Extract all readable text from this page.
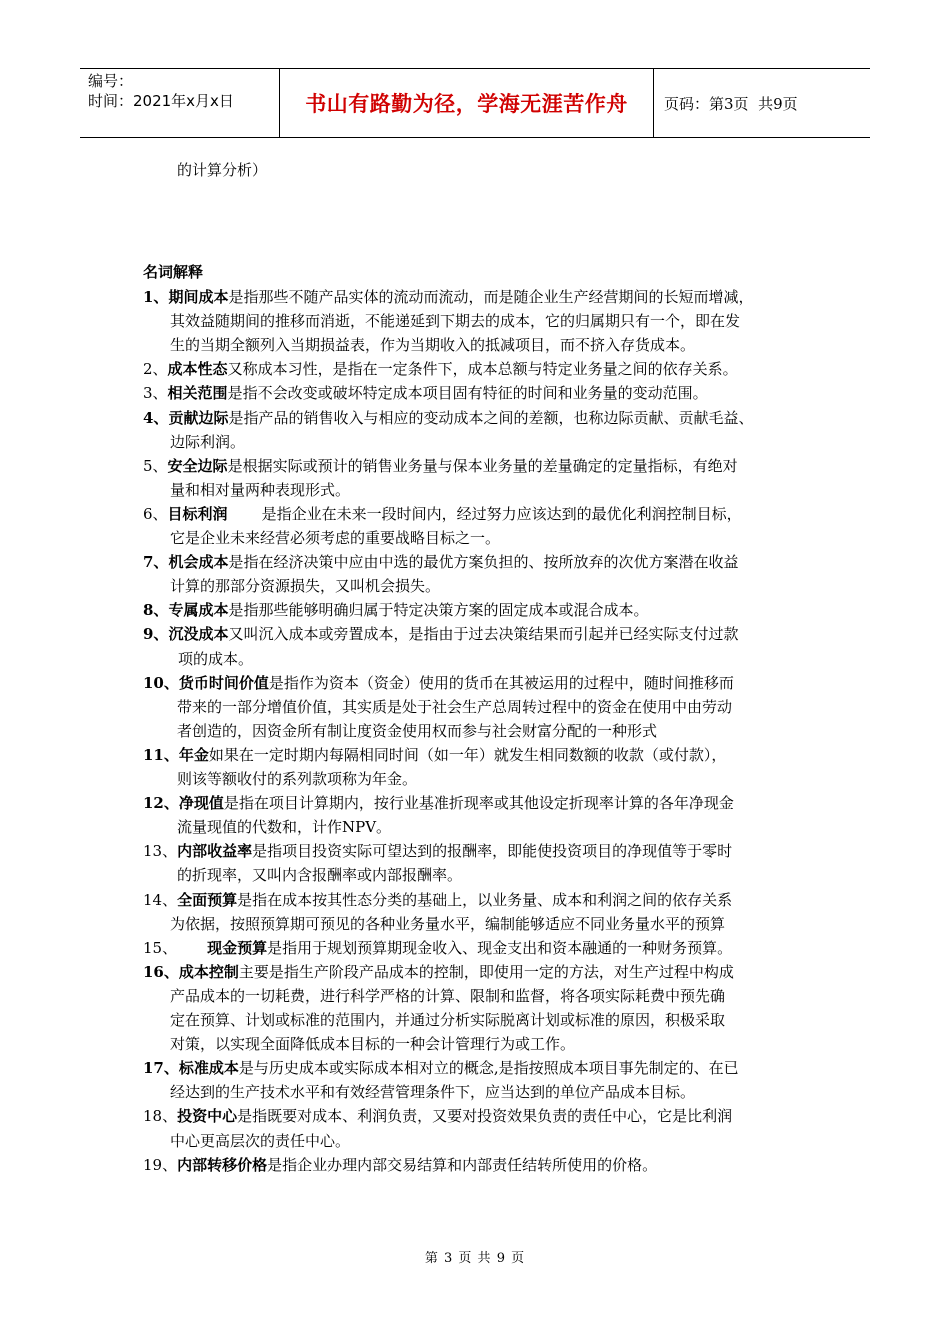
编号：
时间：2021年x月x日	书山有路勤为径，学海无涯苦作舟	页码：第3页  共9页
的计算分析）
名词解释
1、期间成本是指那些不随产品实体的流动而流动，而是随企业生产经营期间的长短而增减，
其效益随期间的推移而消逝，不能递延到下期去的成本，它的归属期只有一个，即在发
生的当期全额列入当期损益表，作为当期收入的抵减项目，而不挤入存货成本。
2、成本性态又称成本习性，是指在一定条件下，成本总额与特定业务量之间的依存关系。
3、相关范围是指不会改变或破坏特定成本项目固有特征的时间和业务量的变动范围。
4、贡献边际是指产品的销售收入与相应的变动成本之间的差额，也称边际贡献、贡献毛益、
边际利润。
5、安全边际是根据实际或预计的销售业务量与保本业务量的差量确定的定量指标，有绝对
量和相对量两种表现形式。
6、目标利润 是指企业在未来一段时间内，经过努力应该达到的最优化利润控制目标，
它是企业未来经营必须考虑的重要战略目标之一。
7、机会成本是指在经济决策中应由中选的最优方案负担的、按所放弃的次优方案潜在收益
计算的那部分资源损失，又叫机会损失。
8、专属成本是指那些能够明确归属于特定决策方案的固定成本或混合成本。
9、沉没成本又叫沉入成本或旁置成本，是指由于过去决策结果而引起并已经实际支付过款
项的成本。
10、货币时间价值是指作为资本（资金）使用的货币在其被运用的过程中，随时间推移而
带来的一部分增值价值，其实质是处于社会生产总周转过程中的资金在使用中由劳动
者创造的，因资金所有制让度资金使用权而参与社会财富分配的一种形式
11、年金如果在一定时期内每隔相同时间（如一年）就发生相同数额的收款（或付款），
则该等额收付的系列款项称为年金。
12、净现值是指在项目计算期内，按行业基准折现率或其他设定折现率计算的各年净现金
流量现值的代数和，计作NPV。
13、内部收益率是指项目投资实际可望达到的报酬率，即能使投资项目的净现值等于零时
的折现率，又叫内含报酬率或内部报酬率。
14、全面预算是指在成本按其性态分类的基础上，以业务量、成本和利润之间的依存关系
为依据，按照预算期可预见的各种业务量水平，编制能够适应不同业务量水平的预算
15、 现金预算是指用于规划预算期现金收入、现金支出和资本融通的一种财务预算。
16、成本控制主要是指生产阶段产品成本的控制，即使用一定的方法，对生产过程中构成
产品成本的一切耗费，进行科学严格的计算、限制和监督，将各项实际耗费中预先确
定在预算、计划或标准的范围内，并通过分析实际脱离计划或标准的原因，积极采取
对策，以实现全面降低成本目标的一种会计管理行为或工作。
17、标准成本是与历史成本或实际成本相对立的概念,是指按照成本项目事先制定的、在已
经达到的生产技术水平和有效经营管理条件下，应当达到的单位产品成本目标。
18、投资中心是指既要对成本、利润负责，又要对投资效果负责的责任中心，它是比利润
中心更高层次的责任中心。
19、内部转移价格是指企业办理内部交易结算和内部责任结转所使用的价格。
第 3 页 共 9 页
